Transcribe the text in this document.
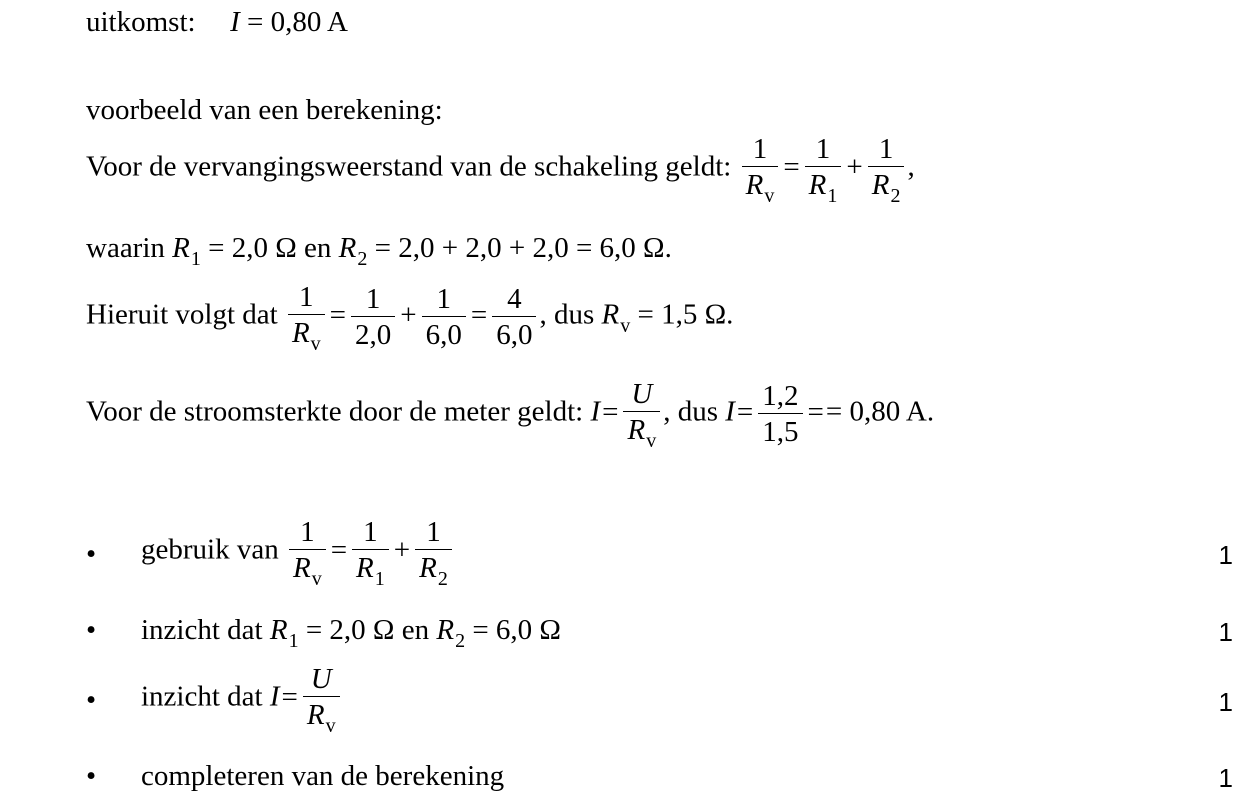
uitkomst: I = 0,80 A
voorbeeld van een berekening:
Voor de vervangingsweerstand van de schakeling geldt: $\frac{1}{R_v} = \frac{1}{R_1} + \frac{1}{R_2}$ ,
waarin $R_1 = 2,0$ Ω en $R_2 = 2,0 + 2,0 + 2,0 = 6,0$ Ω.
Hieruit volgt dat $\frac{1}{R_v} = \frac{1}{2,0} + \frac{1}{6,0} = \frac{4}{6,0}$ , dus $R_v = 1,5$ Ω.
Voor de stroomsterkte door de meter geldt: $I= \frac{U}{R_v}$ , dus $I= \frac{1,2}{1,5} == 0,80$ A.
• gebruik van $\frac{1}{R_v} = \frac{1}{R_1} + \frac{1}{R_2}$	1
• inzicht dat $R_1 = 2,0$ Ω en $R_2 = 6,0$ Ω	1
• inzicht dat $I= \frac{U}{R_v}$	1
• completeren van de berekening	1
